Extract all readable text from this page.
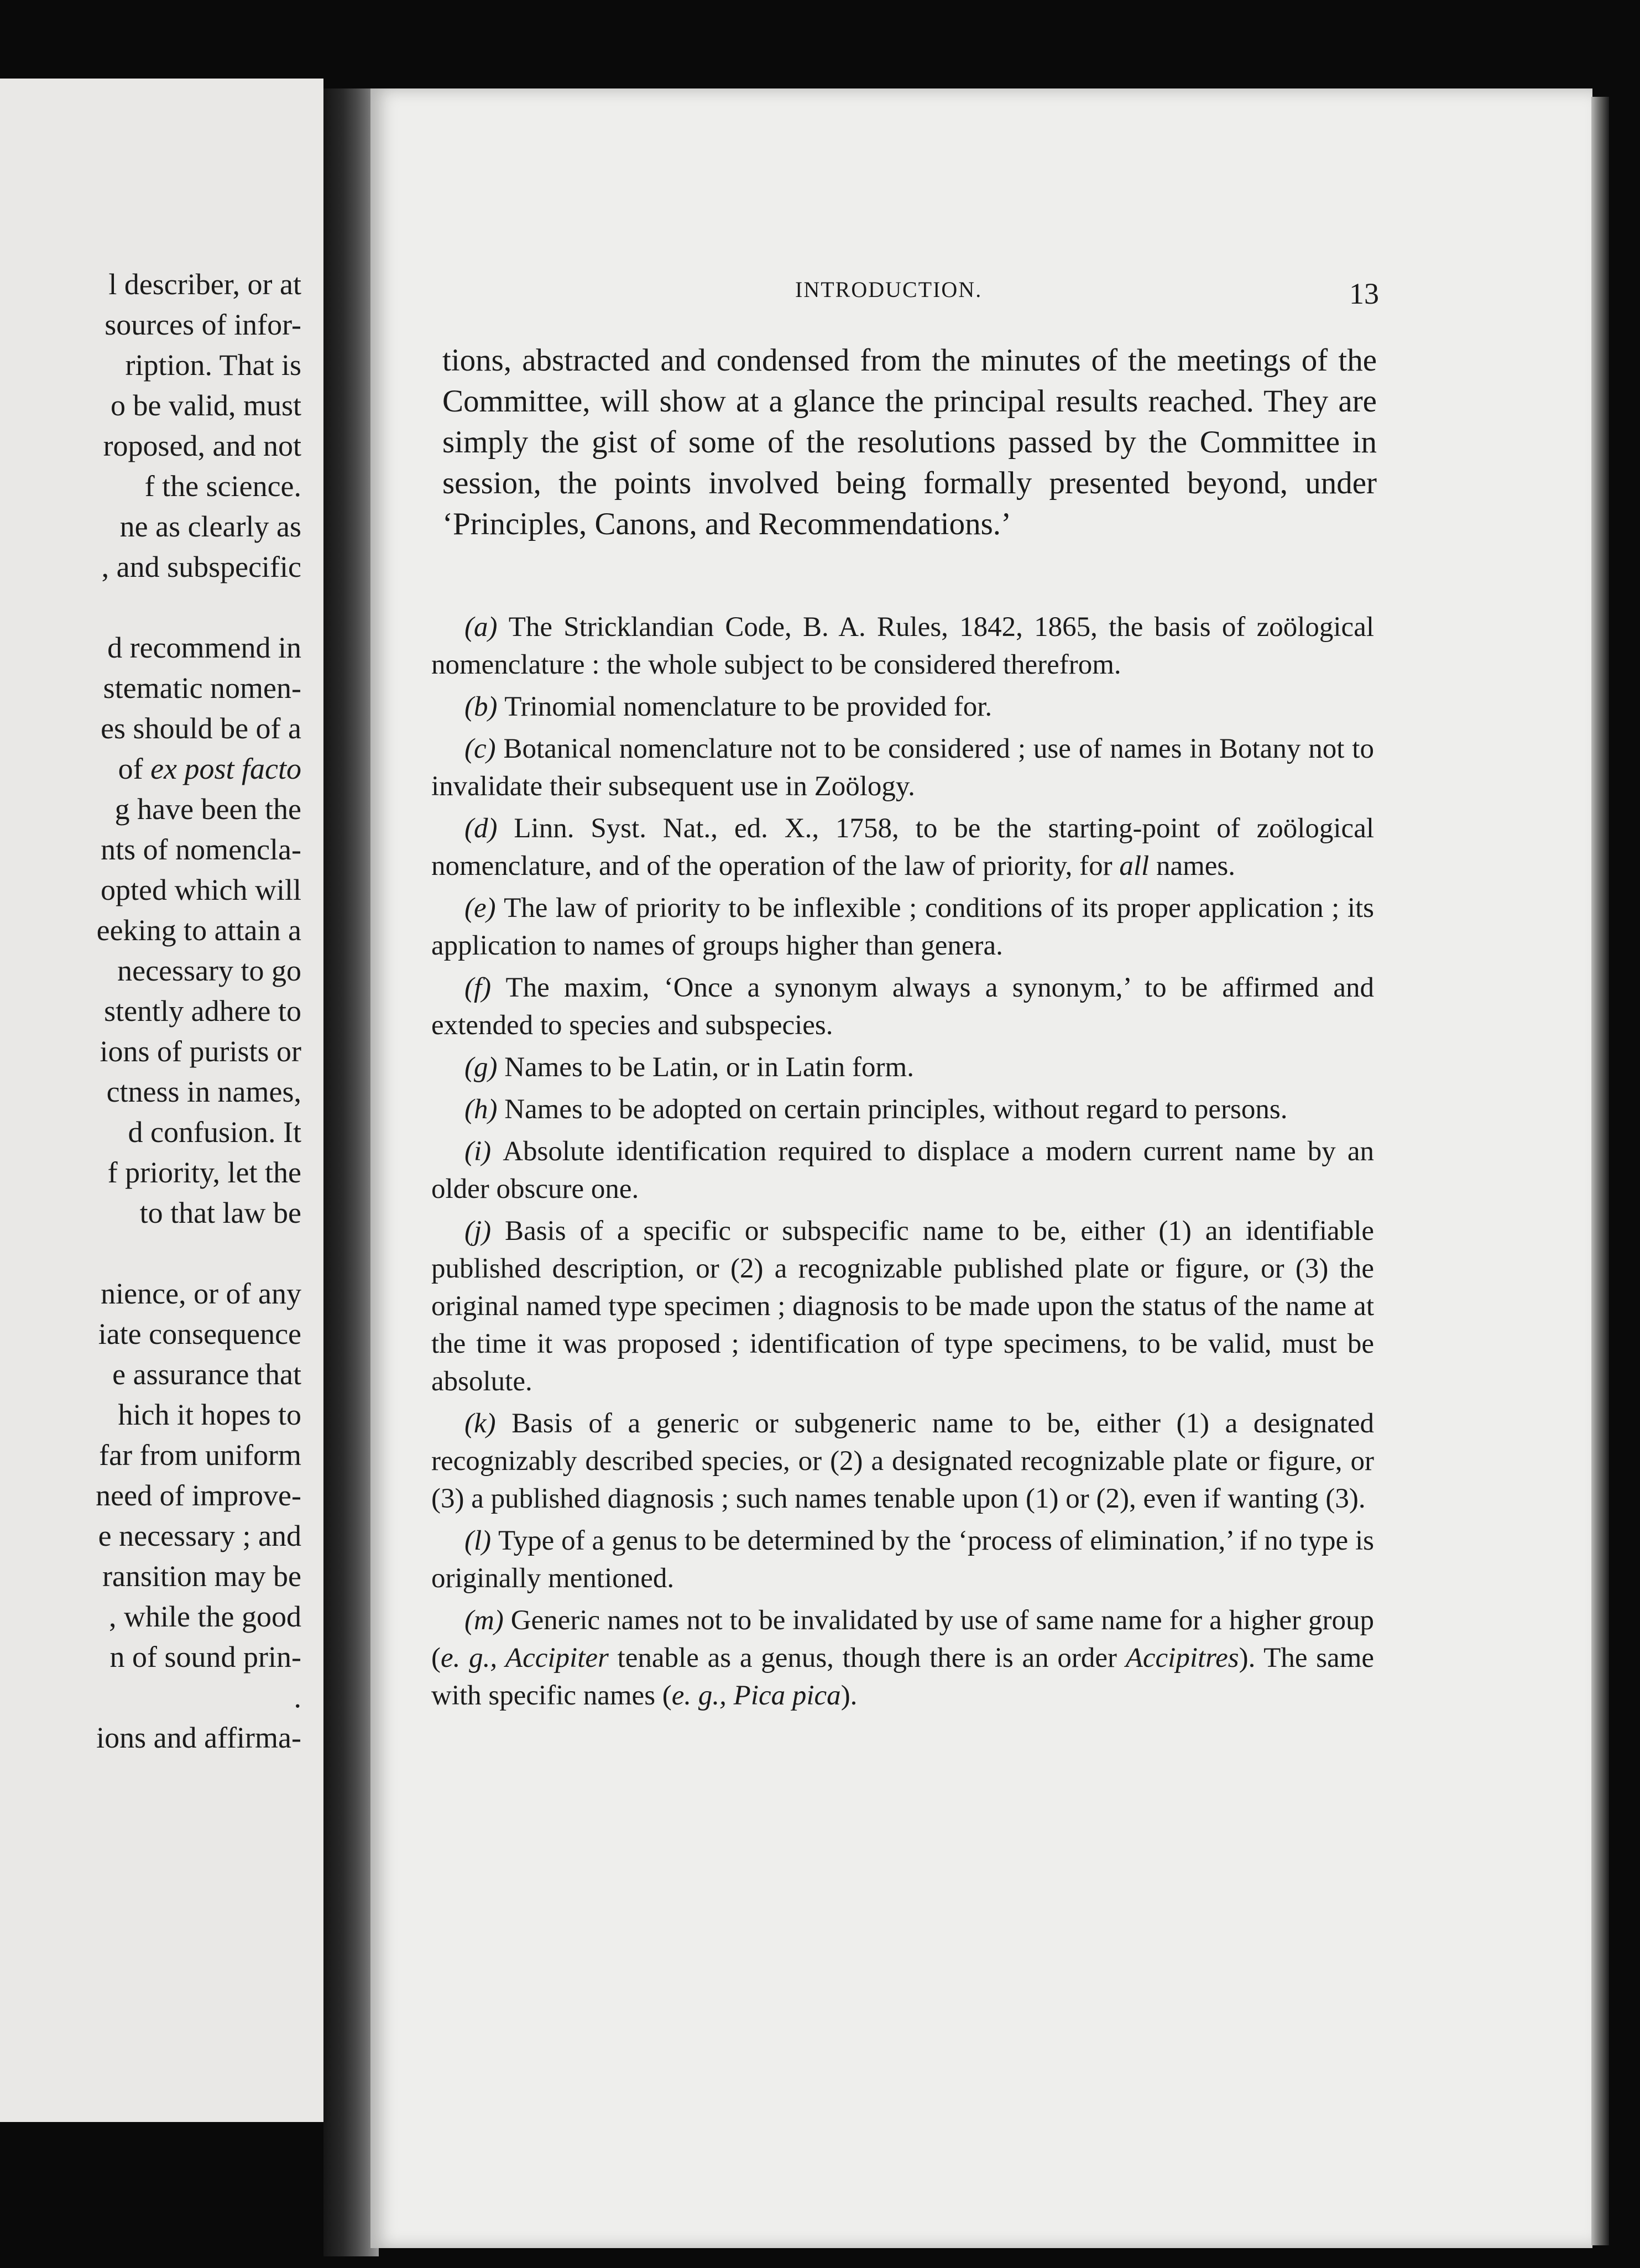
l describer, or at
sources of infor-
ription. That is
o be valid, must
roposed, and not
f the science.
ne as clearly as
, and subspecific
d recommend in
stematic nomen-
es should be of a
of ex post facto
g have been the
nts of nomencla-
opted which will
eeking to attain a
necessary to go
stently adhere to
ions of purists or
ctness in names,
d confusion. It
f priority, let the
to that law be
nience, or of any
iate consequence
e assurance that
hich it hopes to
far from uniform
need of improve-
e necessary ; and
ransition may be
, while the good
n of sound prin-
.
ions and affirma-
INTRODUCTION.	13
tions, abstracted and condensed from the minutes of the meetings of the Committee, will show at a glance the principal results reached. They are simply the gist of some of the resolutions passed by the Committee in session, the points involved being formally presented beyond, under ‘Principles, Canons, and Recommendations.’

(a) The Stricklandian Code, B. A. Rules, 1842, 1865, the basis of zoölogical nomenclature : the whole subject to be considered therefrom.

(b) Trinomial nomenclature to be provided for.

(c) Botanical nomenclature not to be considered ; use of names in Botany not to invalidate their subsequent use in Zoölogy.

(d) Linn. Syst. Nat., ed. X., 1758, to be the starting-point of zoölogical nomenclature, and of the operation of the law of priority, for all names.

(e) The law of priority to be inflexible ; conditions of its proper application ; its application to names of groups higher than genera.

(f) The maxim, ‘Once a synonym always a synonym,’ to be affirmed and extended to species and subspecies.

(g) Names to be Latin, or in Latin form.

(h) Names to be adopted on certain principles, without regard to persons.

(i) Absolute identification required to displace a modern current name by an older obscure one.

(j) Basis of a specific or subspecific name to be, either (1) an identifiable published description, or (2) a recognizable published plate or figure, or (3) the original named type specimen ; diagnosis to be made upon the status of the name at the time it was proposed ; identification of type specimens, to be valid, must be absolute.

(k) Basis of a generic or subgeneric name to be, either (1) a designated recognizably described species, or (2) a designated recognizable plate or figure, or (3) a published diagnosis ; such names tenable upon (1) or (2), even if wanting (3).

(l) Type of a genus to be determined by the ‘process of elimination,’ if no type is originally mentioned.

(m) Generic names not to be invalidated by use of same name for a higher group (e. g., Accipiter tenable as a genus, though there is an order Accipitres). The same with specific names (e. g., Pica pica).
